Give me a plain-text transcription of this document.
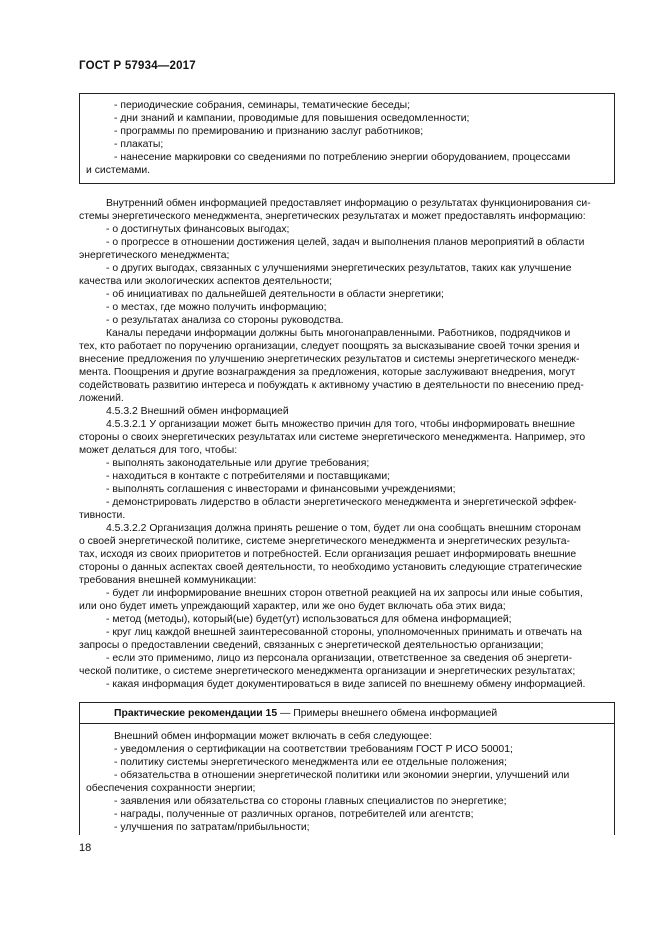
ГОСТ Р 57934—2017
- периодические собрания, семинары, тематические беседы;
- дни знаний и кампании, проводимые для повышения осведомленности;
- программы по премированию и признанию заслуг работников;
- плакаты;
- нанесение маркировки со сведениями по потреблению энергии оборудованием, процессами
и системами.
Внутренний обмен информацией предоставляет информацию о результатах функционирования си-
стемы энергетического менеджмента, энергетических результатах и может предоставлять информацию:
- о достигнутых финансовых выгодах;
- о прогрессе в отношении достижения целей, задач и выполнения планов мероприятий в области
энергетического менеджмента;
- о других выгодах, связанных с улучшениями энергетических результатов, таких как улучшение
качества или экологических аспектов деятельности;
- об инициативах по дальнейшей деятельности в области энергетики;
- о местах, где можно получить информацию;
- о результатах анализа со стороны руководства.
Каналы передачи информации должны быть многонаправленными. Работников, подрядчиков и
тех, кто работает по поручению организации, следует поощрять за высказывание своей точки зрения и
внесение предложения по улучшению энергетических результатов и системы энергетического менедж-
мента. Поощрения и другие вознаграждения за предложения, которые заслуживают внедрения, могут
содействовать развитию интереса и побуждать к активному участию в деятельности по внесению пред-
ложений.
4.5.3.2 Внешний обмен информацией
4.5.3.2.1 У организации может быть множество причин для того, чтобы информировать внешние
стороны о своих энергетических результатах или системе энергетического менеджмента. Например, это
может делаться для того, чтобы:
- выполнять законодательные или другие требования;
- находиться в контакте с потребителями и поставщиками;
- выполнять соглашения с инвесторами и финансовыми учреждениями;
- демонстрировать лидерство в области энергетического менеджмента и энергетической эффек-
тивности.
4.5.3.2.2 Организация должна принять решение о том, будет ли она сообщать внешним сторонам
о своей энергетической политике, системе энергетического менеджмента и энергетических результа-
тах, исходя из своих приоритетов и потребностей. Если организация решает информировать внешние
стороны о данных аспектах своей деятельности, то необходимо установить следующие стратегические
требования внешней коммуникации:
- будет ли информирование внешних сторон ответной реакцией на их запросы или иные события,
или оно будет иметь упреждающий характер, или же оно будет включать оба этих вида;
- метод (методы), который(ые) будет(ут) использоваться для обмена информацией;
- круг лиц каждой внешней заинтересованной стороны, уполномоченных принимать и отвечать на
запросы о предоставлении сведений, связанных с энергетической деятельностью организации;
- если это применимо, лицо из персонала организации, ответственное за сведения об энергети-
ческой политике, о системе энергетического менеджмента организации и энергетических результатах;
- какая информация будет документироваться в виде записей по внешнему обмену информацией.
Практические рекомендации 15 — Примеры внешнего обмена информацией
Внешний обмен информации может включать в себя следующее:
- уведомления о сертификации на соответствии требованиям ГОСТ Р ИСО 50001;
- политику системы энергетического менеджмента или ее отдельные положения;
- обязательства в отношении энергетической политики или экономии энергии, улучшений или
обеспечения сохранности энергии;
- заявления или обязательства со стороны главных специалистов по энергетике;
- награды, полученные от различных органов, потребителей или агентств;
- улучшения по затратам/прибыльности;
18
